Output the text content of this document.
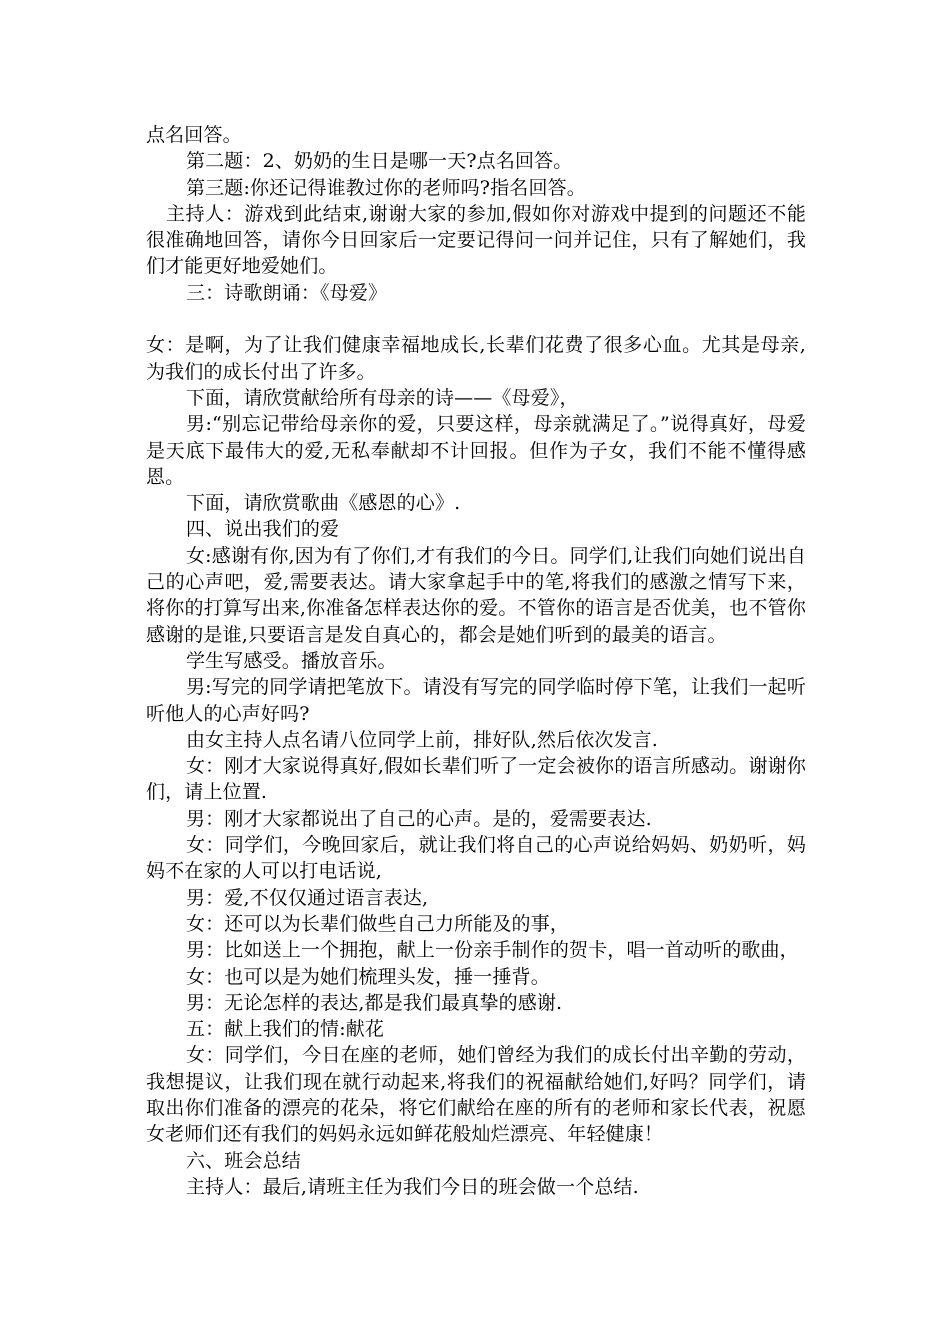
点名回答。

第二题：2、奶奶的生日是哪一天?点名回答。

第三题:你还记得谁教过你的老师吗?指名回答。

主持人：游戏到此结束,谢谢大家的参加,假如你对游戏中提到的问题还不能很准确地回答，请你今日回家后一定要记得问一问并记住，只有了解她们，我们才能更好地爱她们。

三：诗歌朗诵：《母爱》

女：是啊，为了让我们健康幸福地成长,长辈们花费了很多心血。尤其是母亲,为我们的成长付出了许多。

下面，请欣赏献给所有母亲的诗——《母爱》，

男:“别忘记带给母亲你的爱，只要这样，母亲就满足了。”说得真好，母爱是天底下最伟大的爱,无私奉献却不计回报。但作为子女，我们不能不懂得感恩。

下面，请欣赏歌曲《感恩的心》.

四、说出我们的爱

女:感谢有你,因为有了你们,才有我们的今日。同学们,让我们向她们说出自己的心声吧，爱,需要表达。请大家拿起手中的笔,将我们的感激之情写下来，将你的打算写出来,你准备怎样表达你的爱。不管你的语言是否优美，也不管你感谢的是谁,只要语言是发自真心的，都会是她们听到的最美的语言。

学生写感受。播放音乐。

男:写完的同学请把笔放下。请没有写完的同学临时停下笔，让我们一起听听他人的心声好吗?

由女主持人点名请八位同学上前，排好队,然后依次发言.

女：刚才大家说得真好,假如长辈们听了一定会被你的语言所感动。谢谢你们，请上位置.

男：刚才大家都说出了自己的心声。是的，爱需要表达.

女：同学们，今晚回家后，就让我们将自己的心声说给妈妈、奶奶听，妈妈不在家的人可以打电话说,

男：爱,不仅仅通过语言表达,

女：还可以为长辈们做些自己力所能及的事，

男：比如送上一个拥抱，献上一份亲手制作的贺卡，唱一首动听的歌曲，

女：也可以是为她们梳理头发，捶一捶背。

男：无论怎样的表达,都是我们最真挚的感谢.

五：献上我们的情:献花

女：同学们，今日在座的老师，她们曾经为我们的成长付出辛勤的劳动，我想提议，让我们现在就行动起来,将我们的祝福献给她们,好吗？同学们，请取出你们准备的漂亮的花朵，将它们献给在座的所有的老师和家长代表，祝愿女老师们还有我们的妈妈永远如鲜花般灿烂漂亮、年轻健康！

六、班会总结

主持人：最后,请班主任为我们今日的班会做一个总结.
